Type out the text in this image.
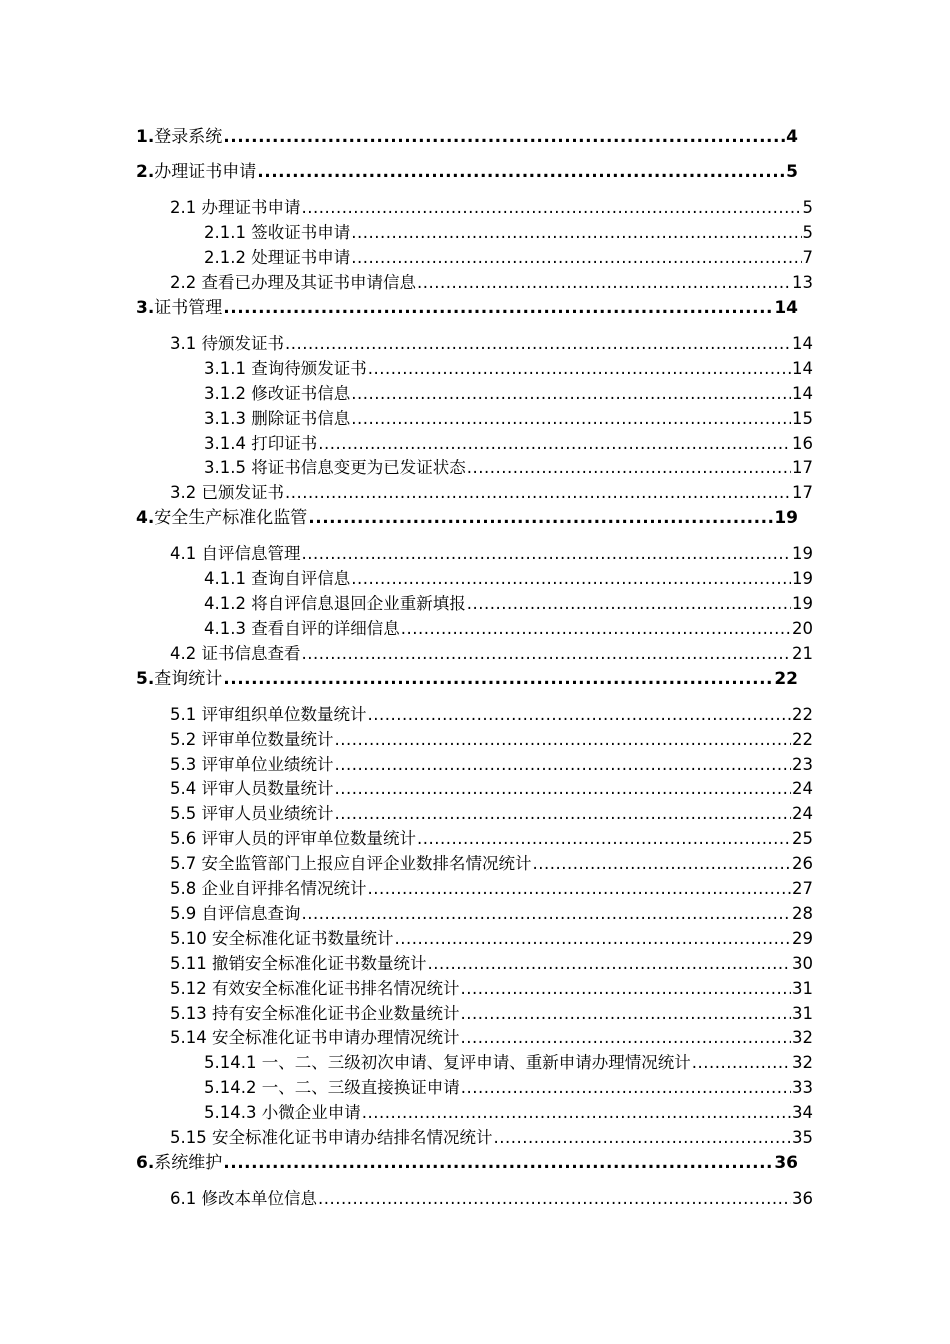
1.登录系统 .....	4
2.办理证书申请 .....	5
2.1 办理证书申请 .....	5
2.1.1 签收证书申请 .....	5
2.1.2 处理证书申请 .....	7
2.2 查看已办理及其证书申请信息 .....	13
3.证书管理 .....	14
3.1 待颁发证书 .....	14
3.1.1 查询待颁发证书 .....	14
3.1.2 修改证书信息 .....	14
3.1.3 删除证书信息 .....	15
3.1.4 打印证书 .....	16
3.1.5 将证书信息变更为已发证状态 .....	17
3.2 已颁发证书 .....	17
4.安全生产标准化监管 .....	19
4.1 自评信息管理 .....	19
4.1.1 查询自评信息 .....	19
4.1.2 将自评信息退回企业重新填报 .....	19
4.1.3 查看自评的详细信息 .....	20
4.2 证书信息查看 .....	21
5.查询统计 .....	22
5.1 评审组织单位数量统计 .....	22
5.2 评审单位数量统计 .....	22
5.3 评审单位业绩统计 .....	23
5.4 评审人员数量统计 .....	24
5.5 评审人员业绩统计 .....	24
5.6 评审人员的评审单位数量统计 .....	25
5.7 安全监管部门上报应自评企业数排名情况统计 .....	26
5.8 企业自评排名情况统计 .....	27
5.9 自评信息查询 .....	28
5.10 安全标准化证书数量统计 .....	29
5.11 撤销安全标准化证书数量统计 .....	30
5.12 有效安全标准化证书排名情况统计 .....	31
5.13 持有安全标准化证书企业数量统计 .....	31
5.14 安全标准化证书申请办理情况统计 .....	32
5.14.1 一、二、三级初次申请、复评申请、重新申请办理情况统计 .....	32
5.14.2 一、二、三级直接换证申请 .....	33
5.14.3 小微企业申请 .....	34
5.15 安全标准化证书申请办结排名情况统计 .....	35
6.系统维护 .....	36
6.1 修改本单位信息 .....	36
